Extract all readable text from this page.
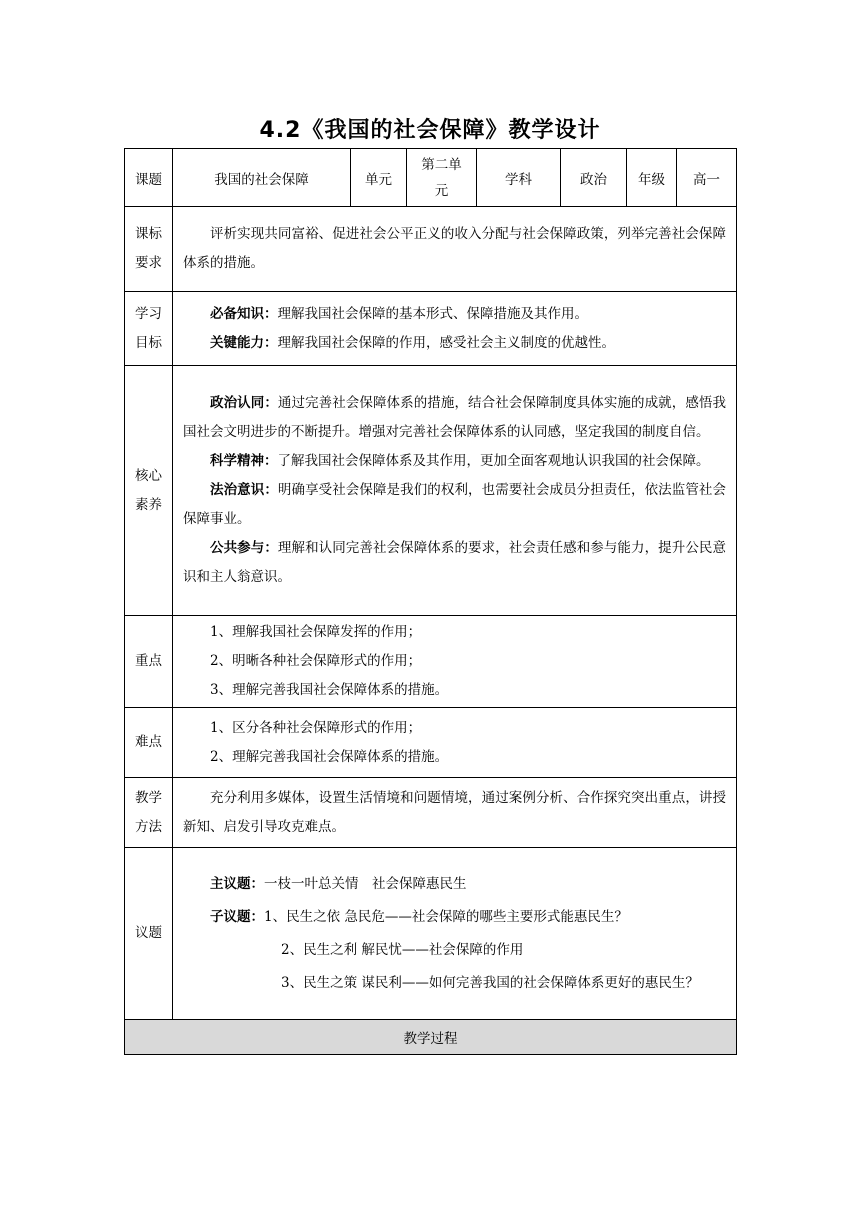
4.2《我国的社会保障》教学设计
课题	我国的社会保障	单元	第二单元	学科	政治	年级	高一
课标要求	评析实现共同富裕、促进社会公平正义的收入分配与社会保障政策，列举完善社会保障体系的措施。						

学习目标	必备知识：理解我国社会保障的基本形式、保障措施及其作用。
关键能力：理解我国社会保障的作用，感受社会主义制度的优越性。						

核心素养	政治认同：通过完善社会保障体系的措施，结合社会保障制度具体实施的成就，感悟我国社会文明进步的不断提升。增强对完善社会保障体系的认同感，坚定我国的制度自信。
科学精神：了解我国社会保障体系及其作用，更加全面客观地认识我国的社会保障。
法治意识：明确享受社会保障是我们的权利，也需要社会成员分担责任，依法监管社会保障事业。
公共参与：理解和认同完善社会保障体系的要求，社会责任感和参与能力，提升公民意识和主人翁意识。						

重点	1、理解我国社会保障发挥的作用；
2、明晰各种社会保障形式的作用；
3、理解完善我国社会保障体系的措施。						

难点	1、区分各种社会保障形式的作用；
2、理解完善我国社会保障体系的措施。						

教学方法	充分利用多媒体，设置生活情境和问题情境，通过案例分析、合作探究突出重点，讲授新知、启发引导攻克难点。						

议题	主议题：一枝一叶总关情　社会保障惠民生
子议题：1、民生之依 急民危——社会保障的哪些主要形式能惠民生？
2、民生之利 解民忧——社会保障的作用
3、民生之策 谋民利——如何完善我国的社会保障体系更好的惠民生？						

教学过程							
